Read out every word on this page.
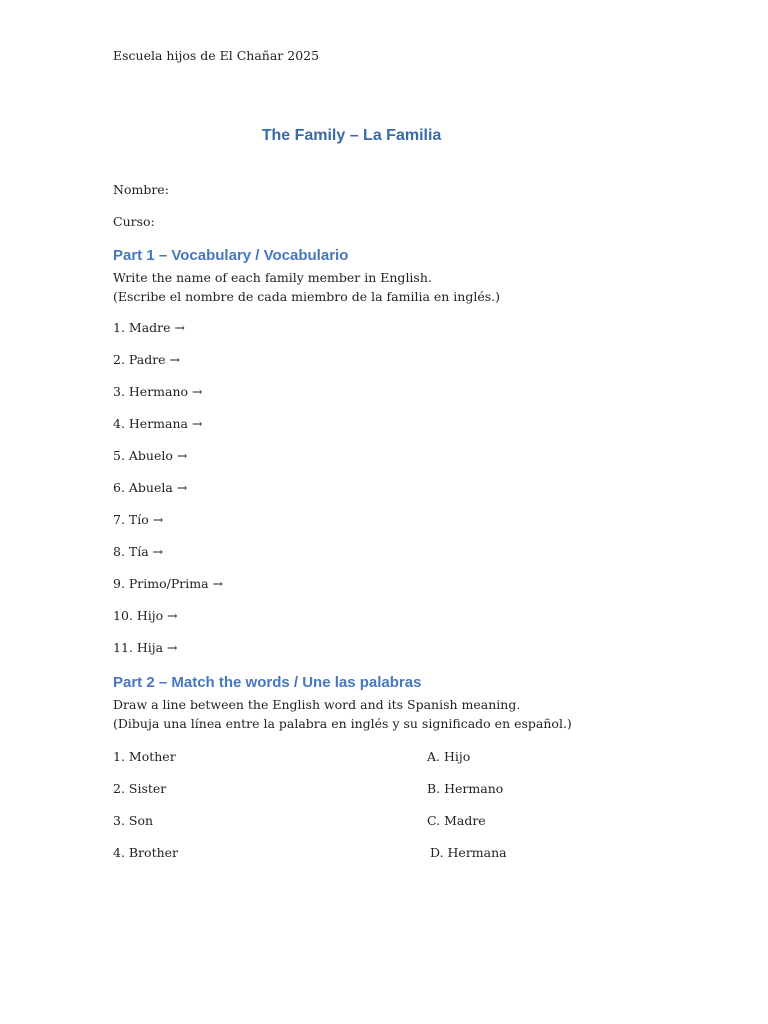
Escuela hijos de El Chañar 2025
The Family – La Familia
Nombre:
Curso:
Part 1 – Vocabulary / Vocabulario
Write the name of each family member in English.
(Escribe el nombre de cada miembro de la familia en inglés.)
1. Madre →
2. Padre →
3. Hermano →
4. Hermana →
5. Abuelo →
6. Abuela →
7. Tío →
8. Tía →
9. Primo/Prima →
10. Hijo →
11. Hija →
Part 2 – Match the words / Une las palabras
Draw a line between the English word and its Spanish meaning.
(Dibuja una línea entre la palabra en inglés y su significado en español.)
1. Mother
2. Sister
3. Son
4. Brother
A. Hijo
B. Hermano
C. Madre
D. Hermana
